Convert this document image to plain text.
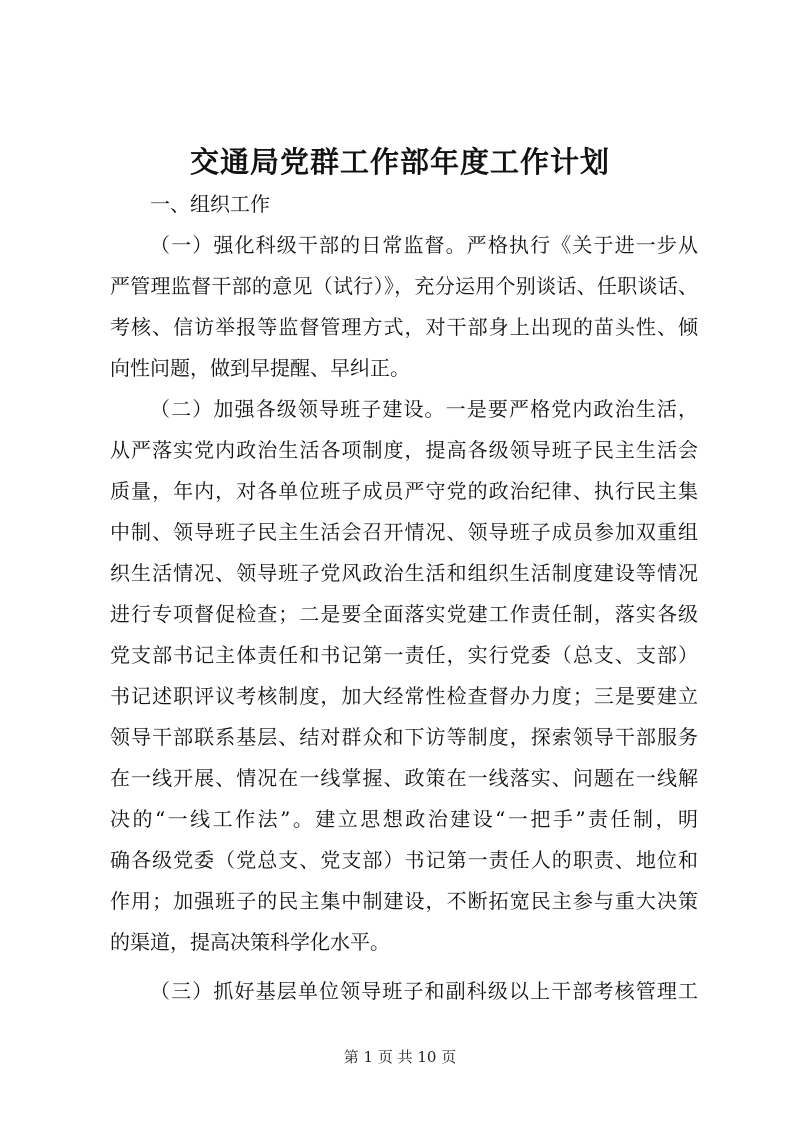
交通局党群工作部年度工作计划

一、组织工作

（一）强化科级干部的日常监督。严格执行《关于进一步从
严管理监督干部的意见（试行）》，充分运用个别谈话、任职谈话、
考核、信访举报等监督管理方式，对干部身上出现的苗头性、倾
向性问题，做到早提醒、早纠正。
（二）加强各级领导班子建设。一是要严格党内政治生活，
从严落实党内政治生活各项制度，提高各级领导班子民主生活会
质量，年内，对各单位班子成员严守党的政治纪律、执行民主集
中制、领导班子民主生活会召开情况、领导班子成员参加双重组
织生活情况、领导班子党风政治生活和组织生活制度建设等情况
进行专项督促检查；二是要全面落实党建工作责任制，落实各级
党支部书记主体责任和书记第一责任，实行党委（总支、支部）
书记述职评议考核制度，加大经常性检查督办力度；三是要建立
领导干部联系基层、结对群众和下访等制度，探索领导干部服务
在一线开展、情况在一线掌握、政策在一线落实、问题在一线解
决的“一线工作法”。建立思想政治建设“一把手”责任制，明
确各级党委（党总支、党支部）书记第一责任人的职责、地位和
作用；加强班子的民主集中制建设，不断拓宽民主参与重大决策
的渠道，提高决策科学化水平。
（三）抓好基层单位领导班子和副科级以上干部考核管理工
第 1 页 共 10 页
